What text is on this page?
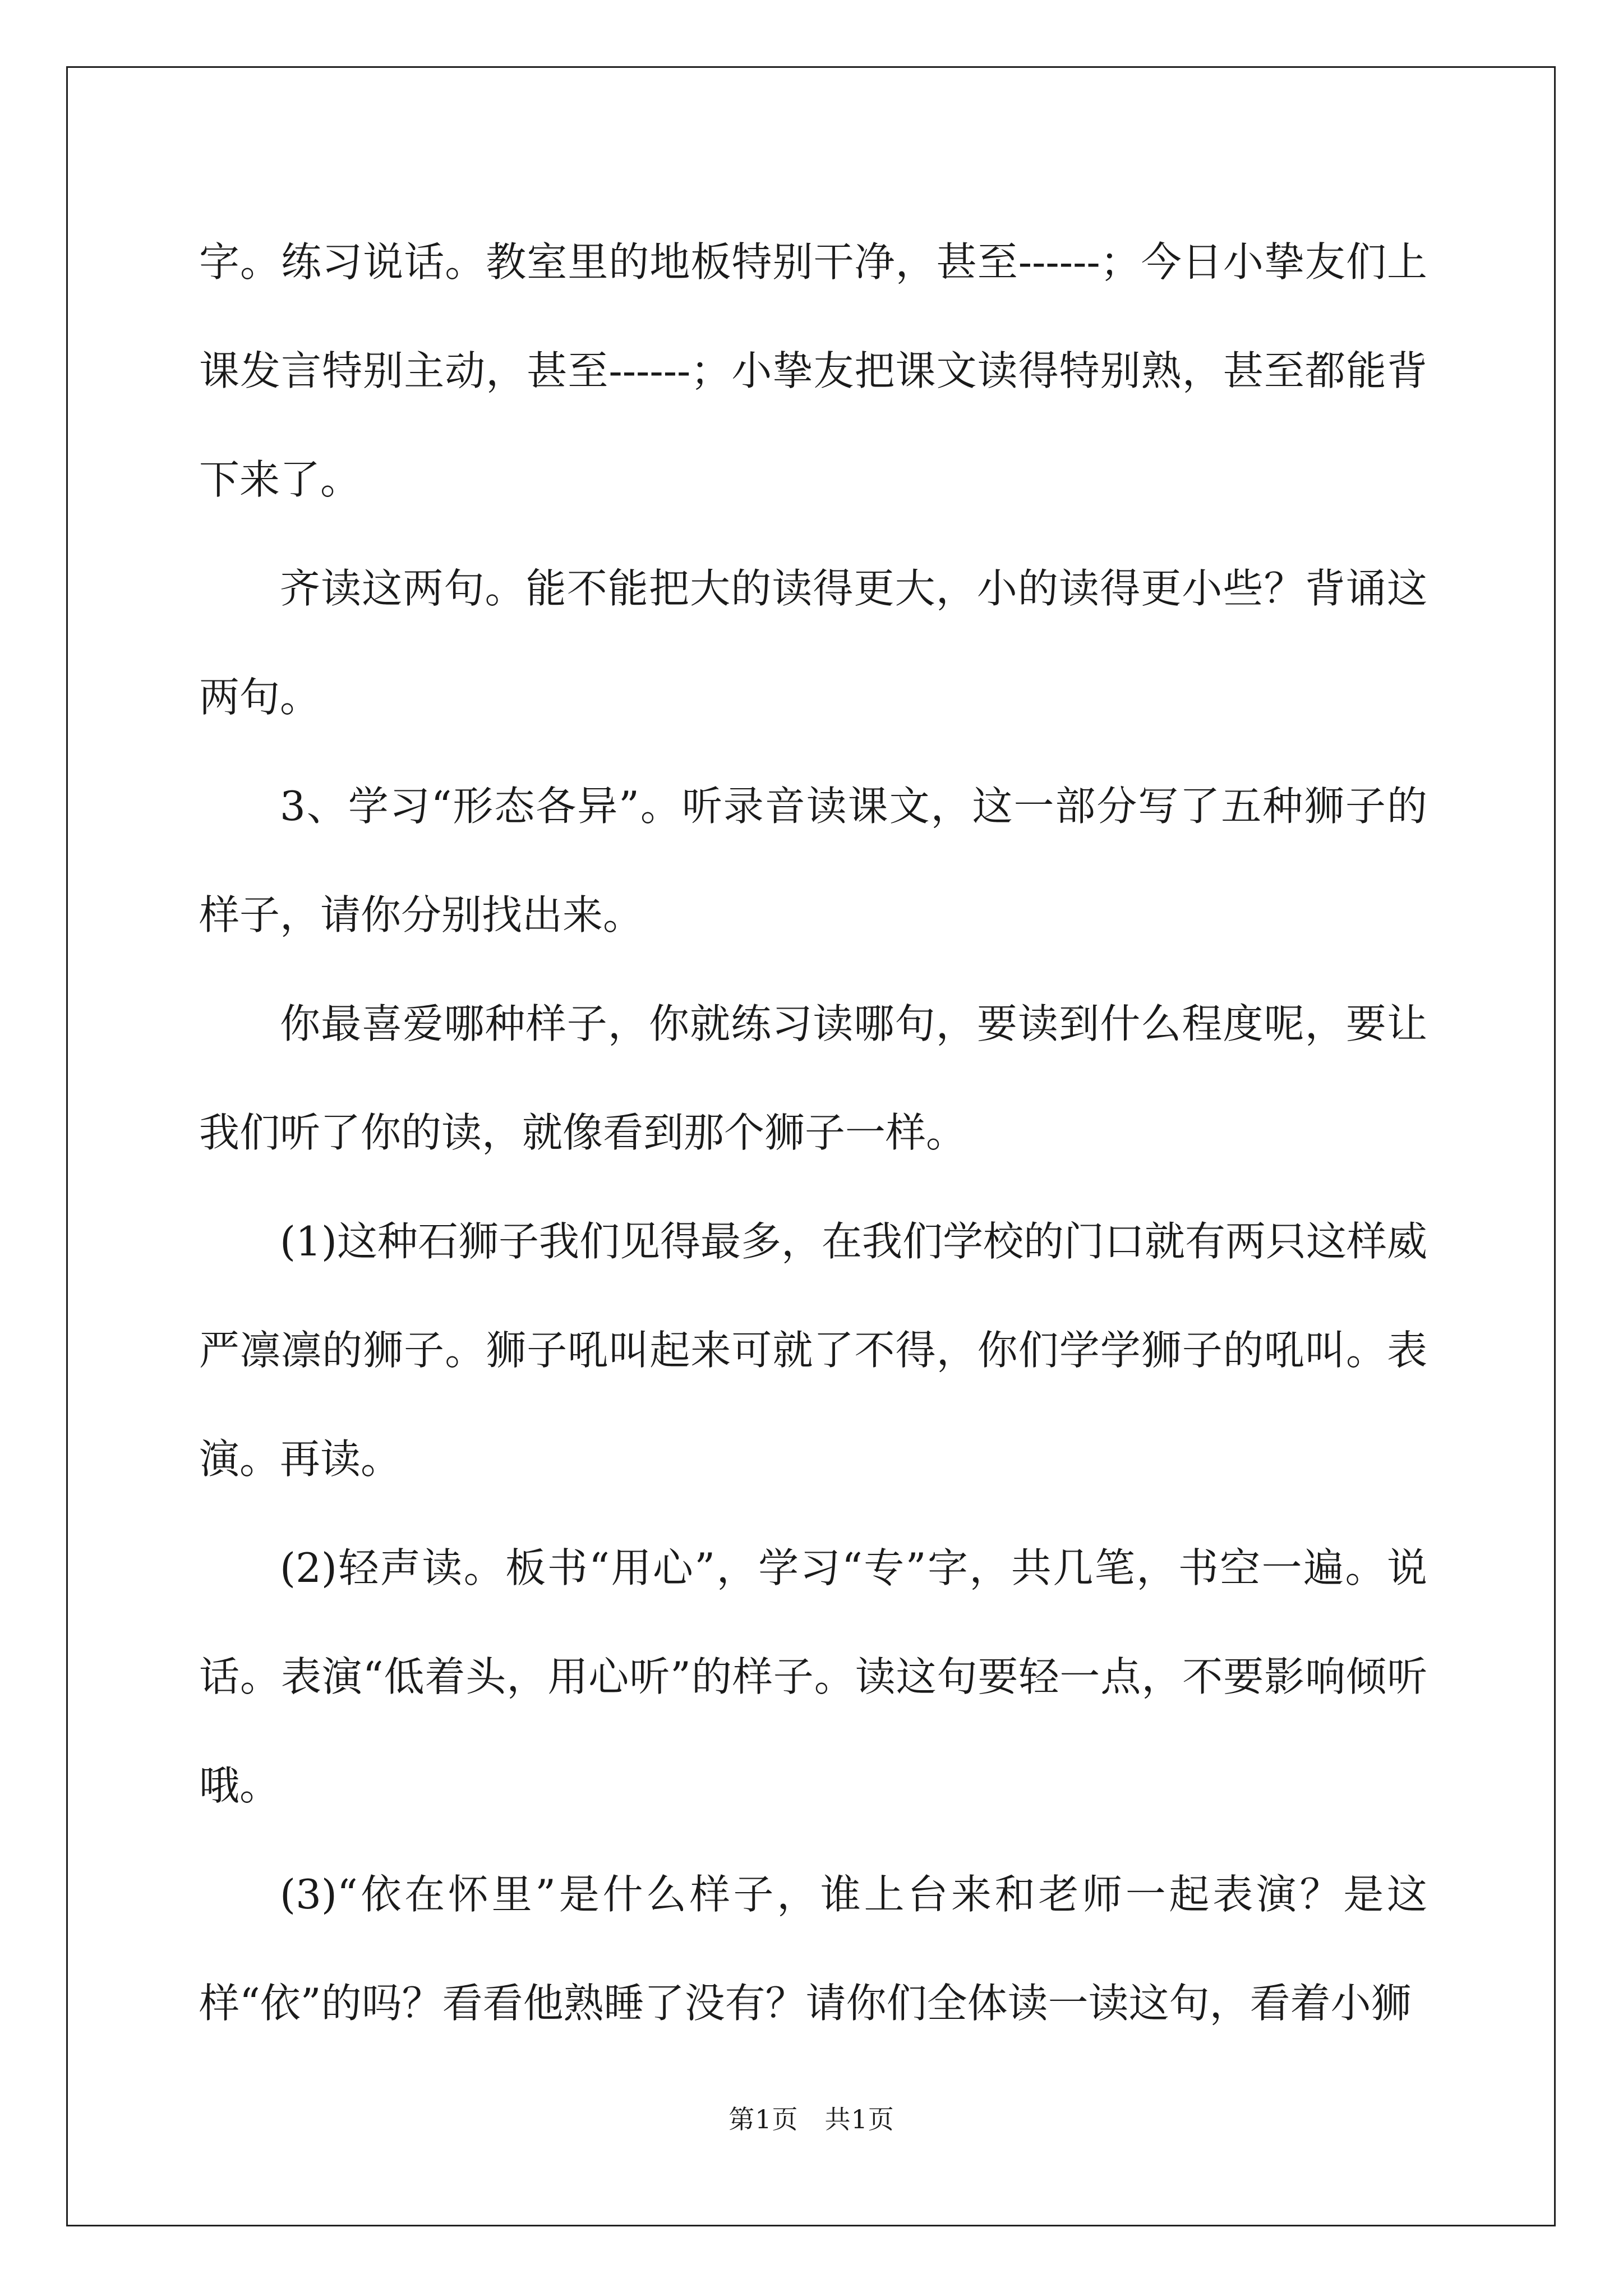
字。练习说话。教室里的地板特别干净，甚至------；今日小挚友们上课发言特别主动，甚至------；小挚友把课文读得特别熟，甚至都能背下来了。

齐读这两句。能不能把大的读得更大，小的读得更小些？背诵这两句。

3、学习“形态各异”。听录音读课文，这一部分写了五种狮子的样子，请你分别找出来。

你最喜爱哪种样子，你就练习读哪句，要读到什么程度呢，要让我们听了你的读，就像看到那个狮子一样。

(1)这种石狮子我们见得最多，在我们学校的门口就有两只这样威严凛凛的狮子。狮子吼叫起来可就了不得，你们学学狮子的吼叫。表演。再读。

(2)轻声读。板书“用心”，学习“专”字，共几笔，书空一遍。说话。表演“低着头，用心听”的样子。读这句要轻一点，不要影响倾听哦。

(3)“依在怀里”是什么样子，谁上台来和老师一起表演？是这样“依”的吗？看看他熟睡了没有？请你们全体读一读这句，看着小狮

第1页 共1页
